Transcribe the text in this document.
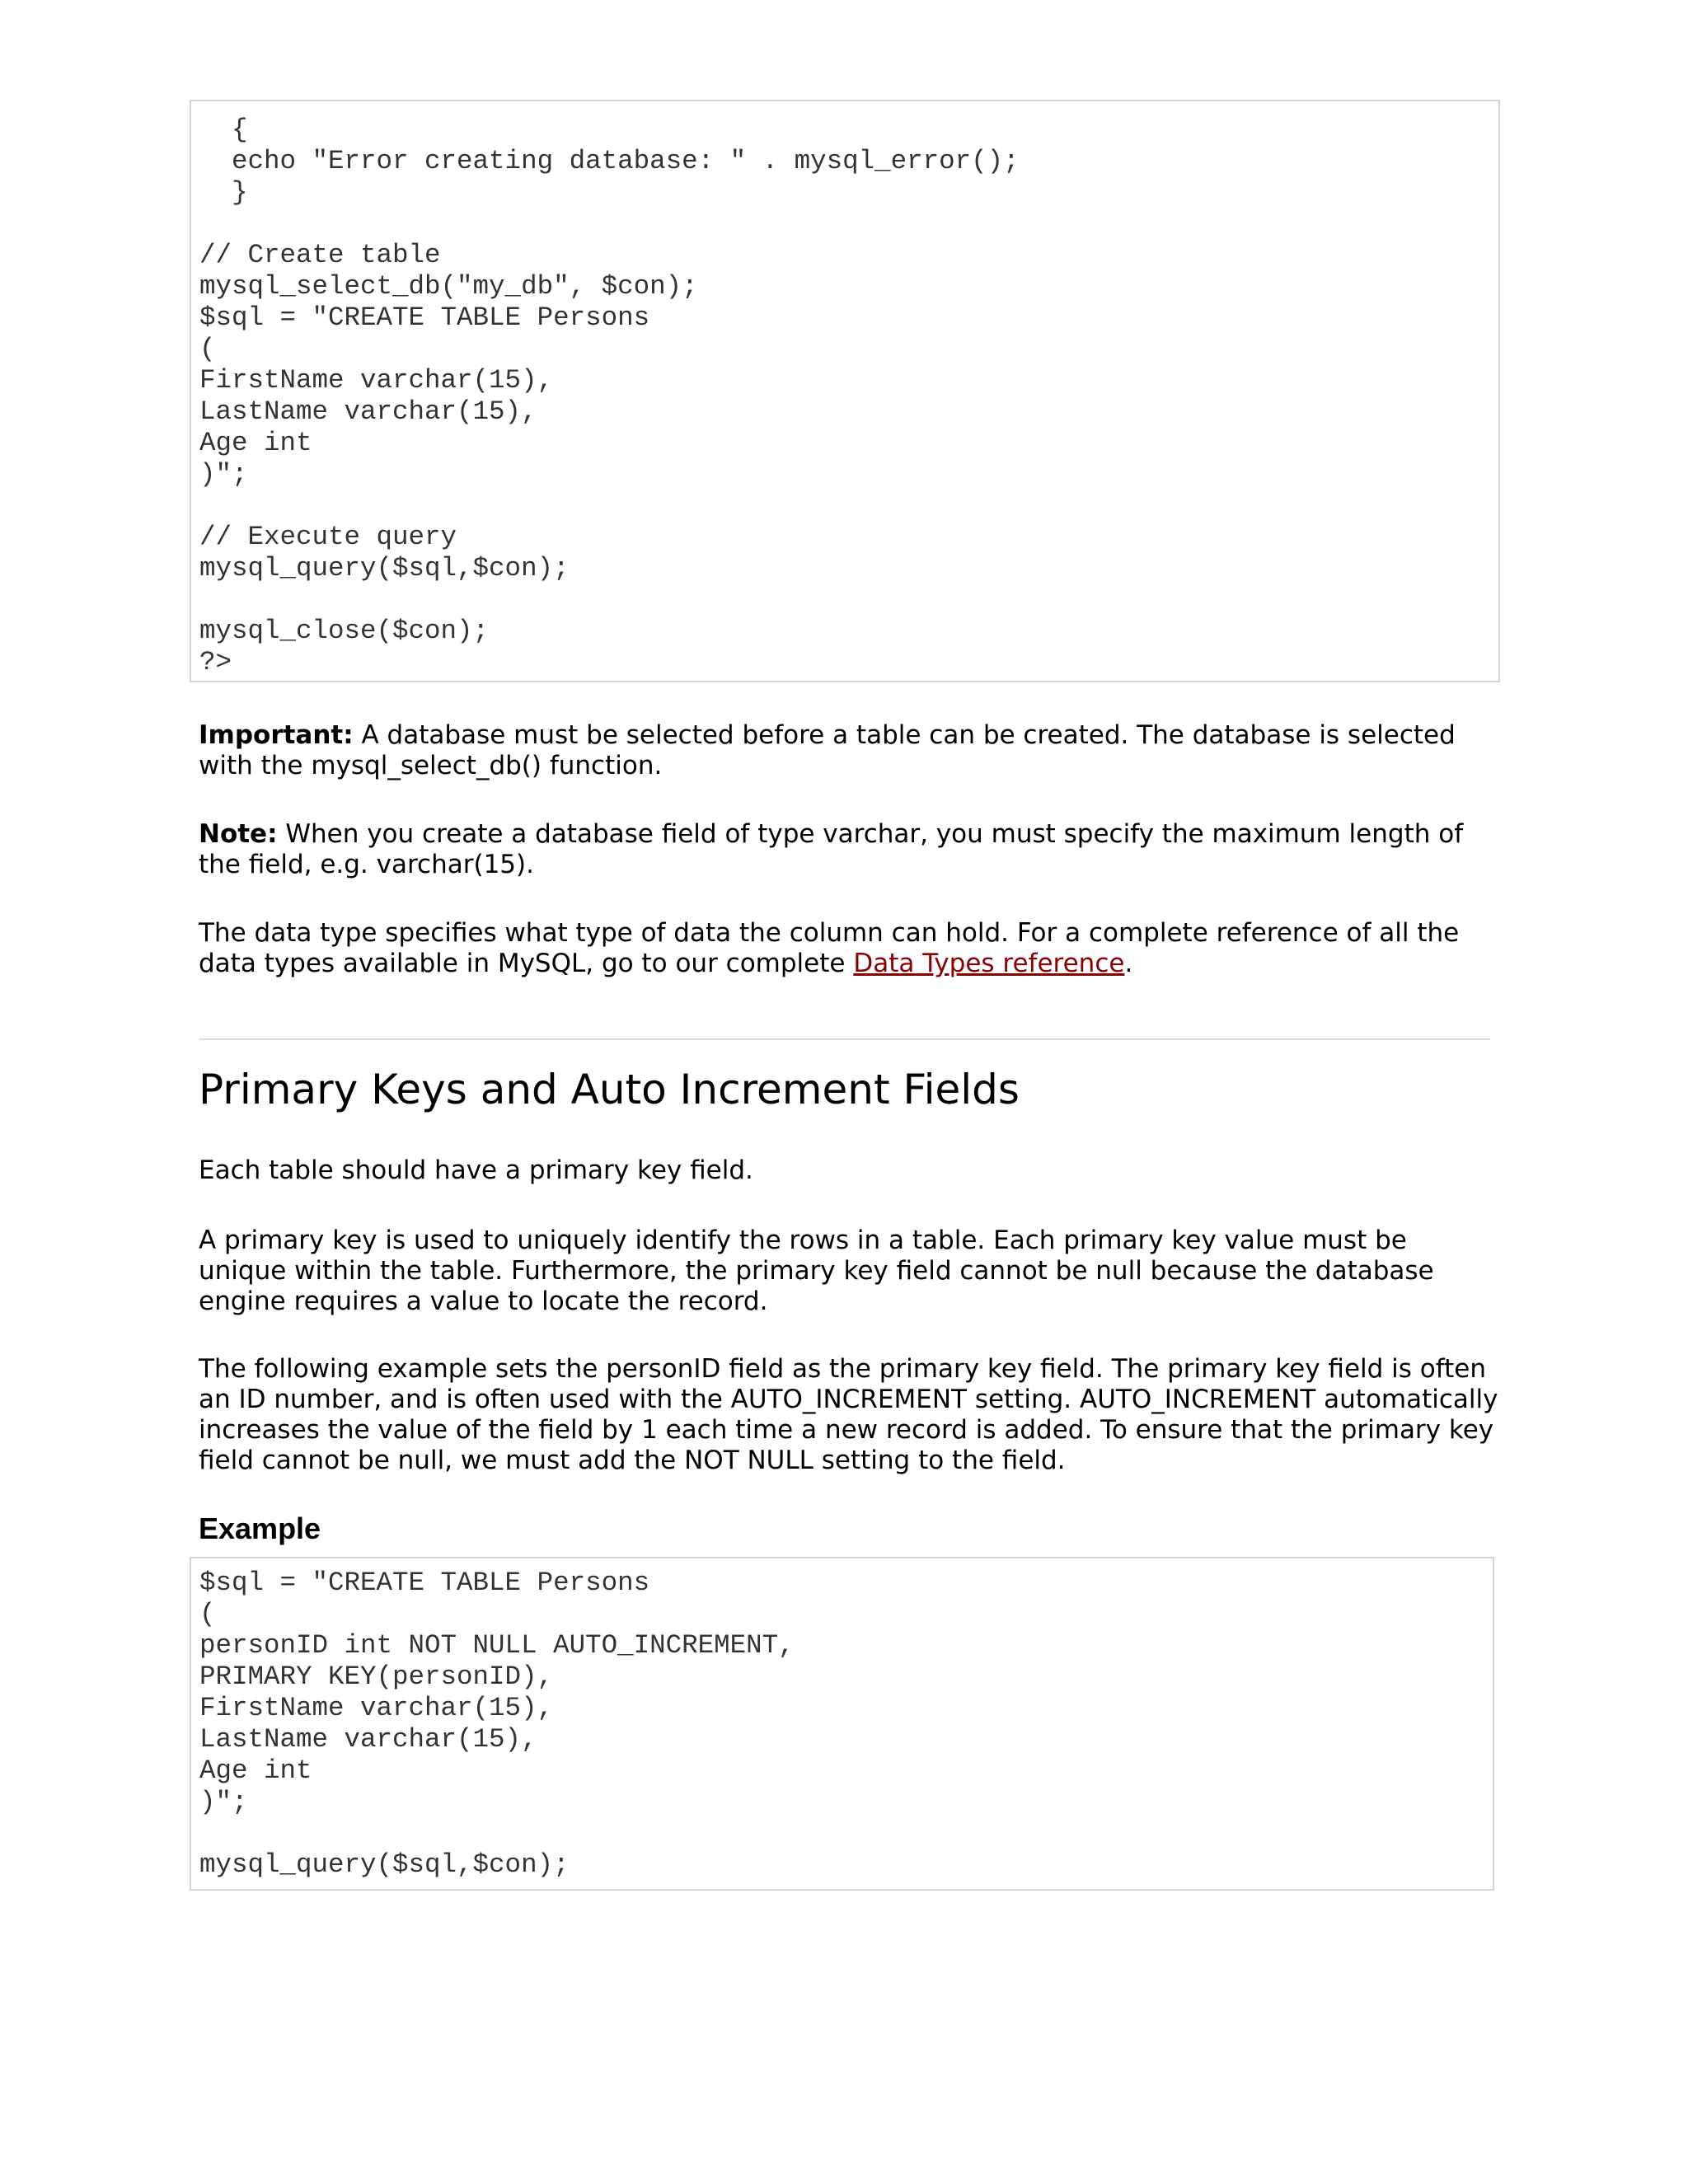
{
echo "Error creating database: " . mysql_error();
}

// Create table
mysql_select_db("my_db", $con);
$sql = "CREATE TABLE Persons
(
FirstName varchar(15),
LastName varchar(15),
Age int
)";

// Execute query
mysql_query($sql,$con);

mysql_close($con);
?>

Important: A database must be selected before a table can be created. The database is selected with the mysql_select_db() function.

Note: When you create a database field of type varchar, you must specify the maximum length of the field, e.g. varchar(15).

The data type specifies what type of data the column can hold. For a complete reference of all the data types available in MySQL, go to our complete Data Types reference.

Primary Keys and Auto Increment Fields

Each table should have a primary key field.

A primary key is used to uniquely identify the rows in a table. Each primary key value must be unique within the table. Furthermore, the primary key field cannot be null because the database engine requires a value to locate the record.

The following example sets the personID field as the primary key field. The primary key field is often an ID number, and is often used with the AUTO_INCREMENT setting. AUTO_INCREMENT automatically increases the value of the field by 1 each time a new record is added. To ensure that the primary key field cannot be null, we must add the NOT NULL setting to the field.

Example
$sql = "CREATE TABLE Persons
(
personID int NOT NULL AUTO_INCREMENT,
PRIMARY KEY(personID),
FirstName varchar(15),
LastName varchar(15),
Age int
)";

mysql_query($sql,$con);
